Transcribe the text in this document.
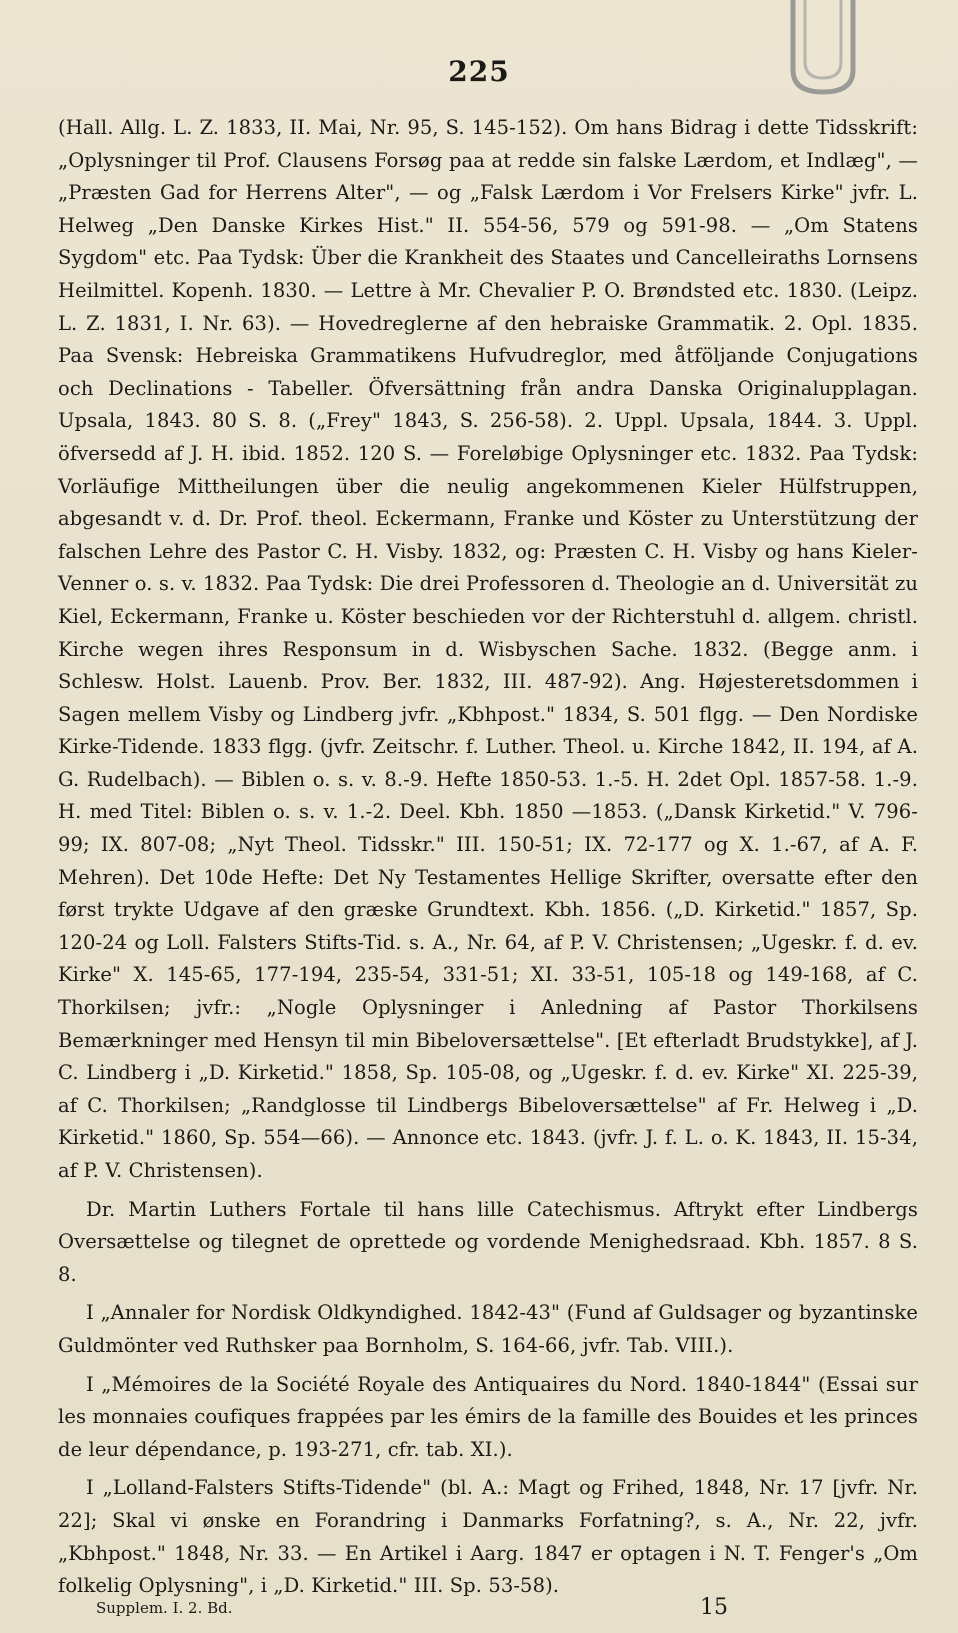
225

(Hall. Allg. L. Z. 1833, II. Mai, Nr. 95, S. 145-152). Om hans Bidrag i dette Tidsskrift: „Oplysninger til Prof. Clausens Forsøg paa at redde sin falske Lærdom, et Indlæg", — „Præsten Gad for Herrens Alter", — og „Falsk Lærdom i Vor Frelsers Kirke" jvfr. L. Helweg „Den Danske Kirkes Hist." II. 554-56, 579 og 591-98. — „Om Statens Sygdom" etc. Paa Tydsk: Über die Krankheit des Staates und Cancelleiraths Lornsens Heilmittel. Kopenh. 1830. — Lettre à Mr. Chevalier P. O. Brøndsted etc. 1830. (Leipz. L. Z. 1831, I. Nr. 63). — Hovedreglerne af den hebraiske Grammatik. 2. Opl. 1835. Paa Svensk: Hebreiska Grammatikens Hufvudreglor, med åtföljande Conjugations och Declinations - Tabeller. Öfversättning från andra Danska Originalupplagan. Upsala, 1843. 80 S. 8. („Frey" 1843, S. 256-58). 2. Uppl. Upsala, 1844. 3. Uppl. öfversedd af J. H. ibid. 1852. 120 S. — Foreløbige Oplysninger etc. 1832. Paa Tydsk: Vorläufige Mittheilungen über die neulig angekommenen Kieler Hülfstruppen, abgesandt v. d. Dr. Prof. theol. Eckermann, Franke und Köster zu Unterstützung der falschen Lehre des Pastor C. H. Visby. 1832, og: Præsten C. H. Visby og hans Kieler-Venner o. s. v. 1832. Paa Tydsk: Die drei Professoren d. Theologie an d. Universität zu Kiel, Eckermann, Franke u. Köster beschieden vor der Richterstuhl d. allgem. christl. Kirche wegen ihres Responsum in d. Wisbyschen Sache. 1832. (Begge anm. i Schlesw. Holst. Lauenb. Prov. Ber. 1832, III. 487-92). Ang. Højesteretsdommen i Sagen mellem Visby og Lindberg jvfr. „Kbhpost." 1834, S. 501 flgg. — Den Nordiske Kirke-Tidende. 1833 flgg. (jvfr. Zeitschr. f. Luther. Theol. u. Kirche 1842, II. 194, af A. G. Rudelbach). — Biblen o. s. v. 8.-9. Hefte 1850-53. 1.-5. H. 2det Opl. 1857-58. 1.-9. H. med Titel: Biblen o. s. v. 1.-2. Deel. Kbh. 1850 —1853. („Dansk Kirketid." V. 796-99; IX. 807-08; „Nyt Theol. Tidsskr." III. 150-51; IX. 72-177 og X. 1.-67, af A. F. Mehren). Det 10de Hefte: Det Ny Testamentes Hellige Skrifter, oversatte efter den først trykte Udgave af den græske Grundtext. Kbh. 1856. („D. Kirketid." 1857, Sp. 120-24 og Loll. Falsters Stifts-Tid. s. A., Nr. 64, af P. V. Christensen; „Ugeskr. f. d. ev. Kirke" X. 145-65, 177-194, 235-54, 331-51; XI. 33-51, 105-18 og 149-168, af C. Thorkilsen; jvfr.: „Nogle Oplysninger i Anledning af Pastor Thorkilsens Bemærkninger med Hensyn til min Bibeloversættelse". [Et efterladt Brudstykke], af J. C. Lindberg i „D. Kirketid." 1858, Sp. 105-08, og „Ugeskr. f. d. ev. Kirke" XI. 225-39, af C. Thorkilsen; „Randglosse til Lindbergs Bibeloversættelse" af Fr. Helweg i „D. Kirketid." 1860, Sp. 554—66). — Annonce etc. 1843. (jvfr. J. f. L. o. K. 1843, II. 15-34, af P. V. Christensen).

Dr. Martin Luthers Fortale til hans lille Catechismus. Aftrykt efter Lindbergs Oversættelse og tilegnet de oprettede og vordende Menighedsraad. Kbh. 1857. 8 S. 8.

I „Annaler for Nordisk Oldkyndighed. 1842-43" (Fund af Guldsager og byzantinske Guldmönter ved Ruthsker paa Bornholm, S. 164-66, jvfr. Tab. VIII.).

I „Mémoires de la Société Royale des Antiquaires du Nord. 1840-1844" (Essai sur les monnaies coufiques frappées par les émirs de la famille des Bouides et les princes de leur dépendance, p. 193-271, cfr. tab. XI.).

I „Lolland-Falsters Stifts-Tidende" (bl. A.: Magt og Frihed, 1848, Nr. 17 [jvfr. Nr. 22]; Skal vi ønske en Forandring i Danmarks Forfatning?, s. A., Nr. 22, jvfr. „Kbhpost." 1848, Nr. 33. — En Artikel i Aarg. 1847 er optagen i N. T. Fenger's „Om folkelig Oplysning", i „D. Kirketid." III. Sp. 53-58).

Supplem. I. 2. Bd.	15
